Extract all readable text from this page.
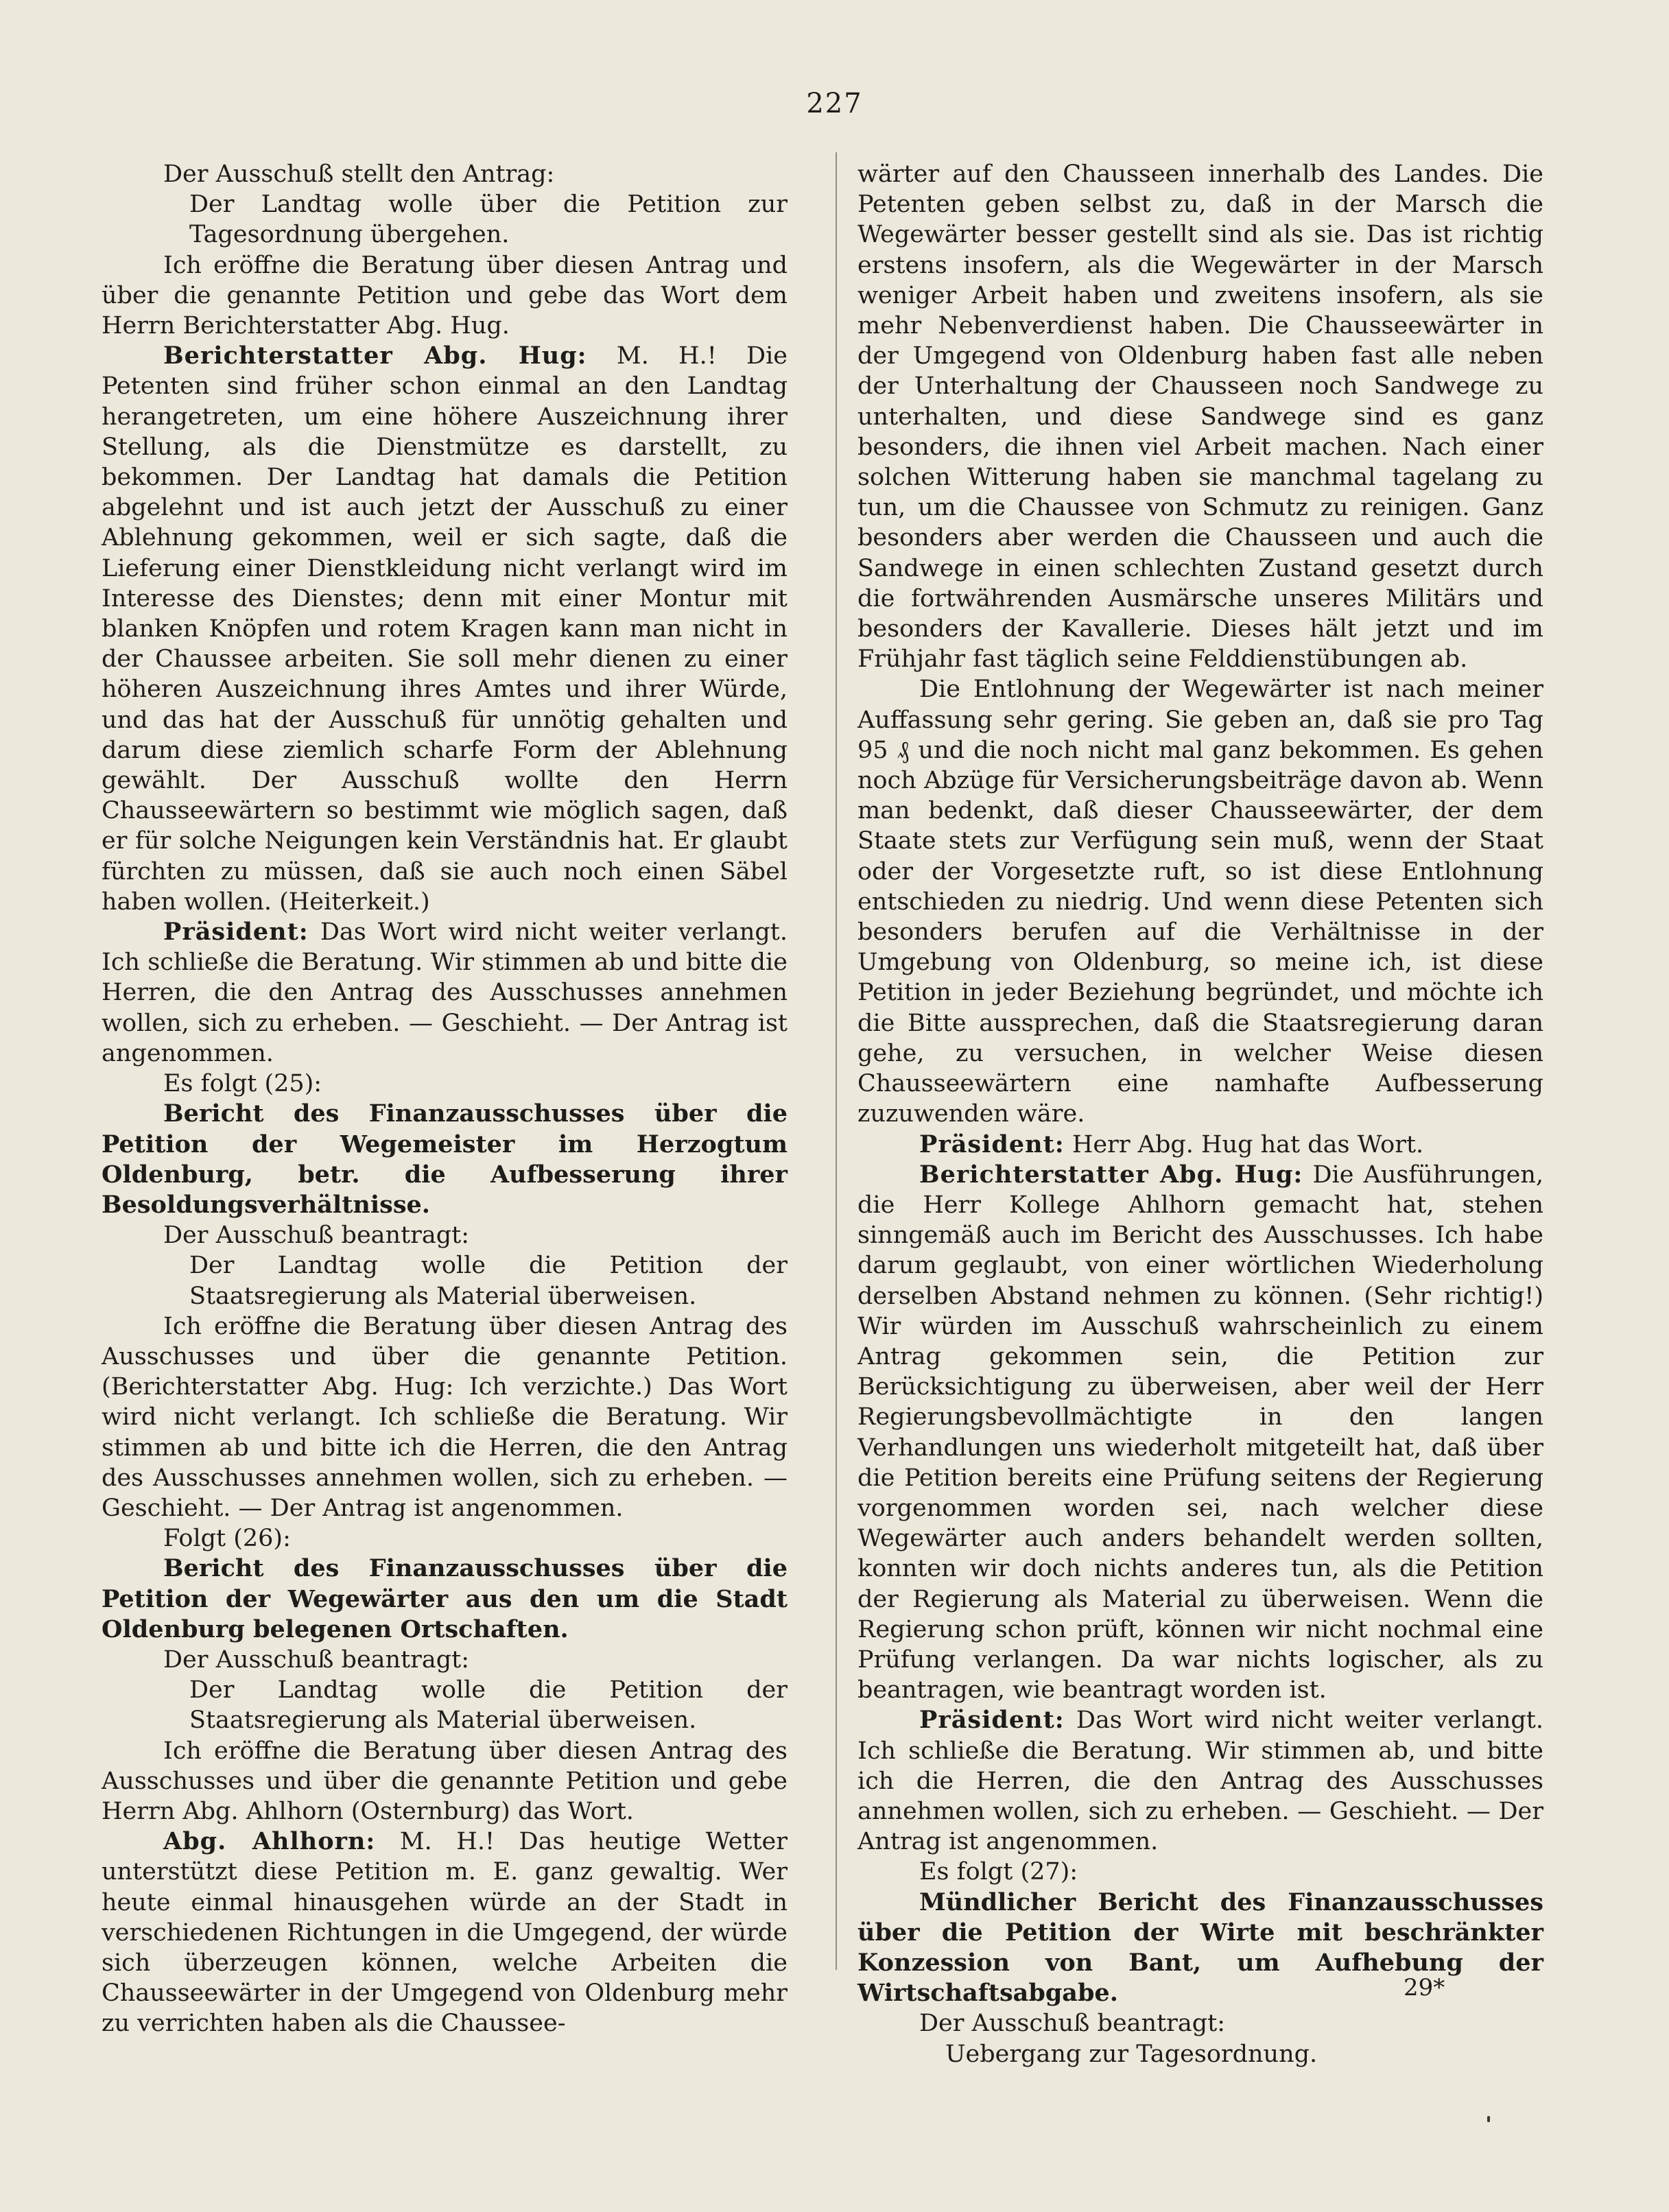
227

Der Ausschuß stellt den Antrag:

Der Landtag wolle über die Petition zur Tagesordnung übergehen.

Ich eröffne die Beratung über diesen Antrag und über die genannte Petition und gebe das Wort dem Herrn Berichterstatter Abg. Hug.

Berichterstatter Abg. Hug: M. H.! Die Petenten sind früher schon einmal an den Landtag herangetreten, um eine höhere Auszeichnung ihrer Stellung, als die Dienstmütze es darstellt, zu bekommen. Der Landtag hat damals die Petition abgelehnt und ist auch jetzt der Ausschuß zu einer Ablehnung gekommen, weil er sich sagte, daß die Lieferung einer Dienstkleidung nicht verlangt wird im Interesse des Dienstes; denn mit einer Montur mit blanken Knöpfen und rotem Kragen kann man nicht in der Chaussee arbeiten. Sie soll mehr dienen zu einer höheren Auszeichnung ihres Amtes und ihrer Würde, und das hat der Ausschuß für unnötig gehalten und darum diese ziemlich scharfe Form der Ablehnung gewählt. Der Ausschuß wollte den Herrn Chausseewärtern so bestimmt wie möglich sagen, daß er für solche Neigungen kein Verständnis hat. Er glaubt fürchten zu müssen, daß sie auch noch einen Säbel haben wollen. (Heiterkeit.)

Präsident: Das Wort wird nicht weiter verlangt. Ich schließe die Beratung. Wir stimmen ab und bitte die Herren, die den Antrag des Ausschusses annehmen wollen, sich zu erheben. — Geschieht. — Der Antrag ist angenommen.

Es folgt (25):

Bericht des Finanzausschusses über die Petition der Wegemeister im Herzogtum Oldenburg, betr. die Aufbesserung ihrer Besoldungsverhältnisse.

Der Ausschuß beantragt:

Der Landtag wolle die Petition der Staatsregierung als Material überweisen.

Ich eröffne die Beratung über diesen Antrag des Ausschusses und über die genannte Petition. (Berichterstatter Abg. Hug: Ich verzichte.) Das Wort wird nicht verlangt. Ich schließe die Beratung. Wir stimmen ab und bitte ich die Herren, die den Antrag des Ausschusses annehmen wollen, sich zu erheben. — Geschieht. — Der Antrag ist angenommen.

Folgt (26):

Bericht des Finanzausschusses über die Petition der Wegewärter aus den um die Stadt Oldenburg belegenen Ortschaften.

Der Ausschuß beantragt:

Der Landtag wolle die Petition der Staatsregierung als Material überweisen.

Ich eröffne die Beratung über diesen Antrag des Ausschusses und über die genannte Petition und gebe Herrn Abg. Ahlhorn (Osternburg) das Wort.

Abg. Ahlhorn: M. H.! Das heutige Wetter unterstützt diese Petition m. E. ganz gewaltig. Wer heute einmal hinausgehen würde an der Stadt in verschiedenen Richtungen in die Umgegend, der würde sich überzeugen können, welche Arbeiten die Chausseewärter in der Umgegend von Oldenburg mehr zu verrichten haben als die Chaussee-

wärter auf den Chausseen innerhalb des Landes. Die Petenten geben selbst zu, daß in der Marsch die Wegewärter besser gestellt sind als sie. Das ist richtig erstens insofern, als die Wegewärter in der Marsch weniger Arbeit haben und zweitens insofern, als sie mehr Nebenverdienst haben. Die Chausseewärter in der Umgegend von Oldenburg haben fast alle neben der Unterhaltung der Chausseen noch Sandwege zu unterhalten, und diese Sandwege sind es ganz besonders, die ihnen viel Arbeit machen. Nach einer solchen Witterung haben sie manchmal tagelang zu tun, um die Chaussee von Schmutz zu reinigen. Ganz besonders aber werden die Chausseen und auch die Sandwege in einen schlechten Zustand gesetzt durch die fortwährenden Ausmärsche unseres Militärs und besonders der Kavallerie. Dieses hält jetzt und im Frühjahr fast täglich seine Felddienstübungen ab.

Die Entlohnung der Wegewärter ist nach meiner Auffassung sehr gering. Sie geben an, daß sie pro Tag 95 ₰ und die noch nicht mal ganz bekommen. Es gehen noch Abzüge für Versicherungsbeiträge davon ab. Wenn man bedenkt, daß dieser Chausseewärter, der dem Staate stets zur Verfügung sein muß, wenn der Staat oder der Vorgesetzte ruft, so ist diese Entlohnung entschieden zu niedrig. Und wenn diese Petenten sich besonders berufen auf die Verhältnisse in der Umgebung von Oldenburg, so meine ich, ist diese Petition in jeder Beziehung begründet, und möchte ich die Bitte aussprechen, daß die Staatsregierung daran gehe, zu versuchen, in welcher Weise diesen Chausseewärtern eine namhafte Aufbesserung zuzuwenden wäre.

Präsident: Herr Abg. Hug hat das Wort.

Berichterstatter Abg. Hug: Die Ausführungen, die Herr Kollege Ahlhorn gemacht hat, stehen sinngemäß auch im Bericht des Ausschusses. Ich habe darum geglaubt, von einer wörtlichen Wiederholung derselben Abstand nehmen zu können. (Sehr richtig!) Wir würden im Ausschuß wahrscheinlich zu einem Antrag gekommen sein, die Petition zur Berücksichtigung zu überweisen, aber weil der Herr Regierungsbevollmächtigte in den langen Verhandlungen uns wiederholt mitgeteilt hat, daß über die Petition bereits eine Prüfung seitens der Regierung vorgenommen worden sei, nach welcher diese Wegewärter auch anders behandelt werden sollten, konnten wir doch nichts anderes tun, als die Petition der Regierung als Material zu überweisen. Wenn die Regierung schon prüft, können wir nicht nochmal eine Prüfung verlangen. Da war nichts logischer, als zu beantragen, wie beantragt worden ist.

Präsident: Das Wort wird nicht weiter verlangt. Ich schließe die Beratung. Wir stimmen ab, und bitte ich die Herren, die den Antrag des Ausschusses annehmen wollen, sich zu erheben. — Geschieht. — Der Antrag ist angenommen.

Es folgt (27):

Mündlicher Bericht des Finanzausschusses über die Petition der Wirte mit beschränkter Konzession von Bant, um Aufhebung der Wirtschaftsabgabe.

Der Ausschuß beantragt:

Uebergang zur Tagesordnung.

29*
